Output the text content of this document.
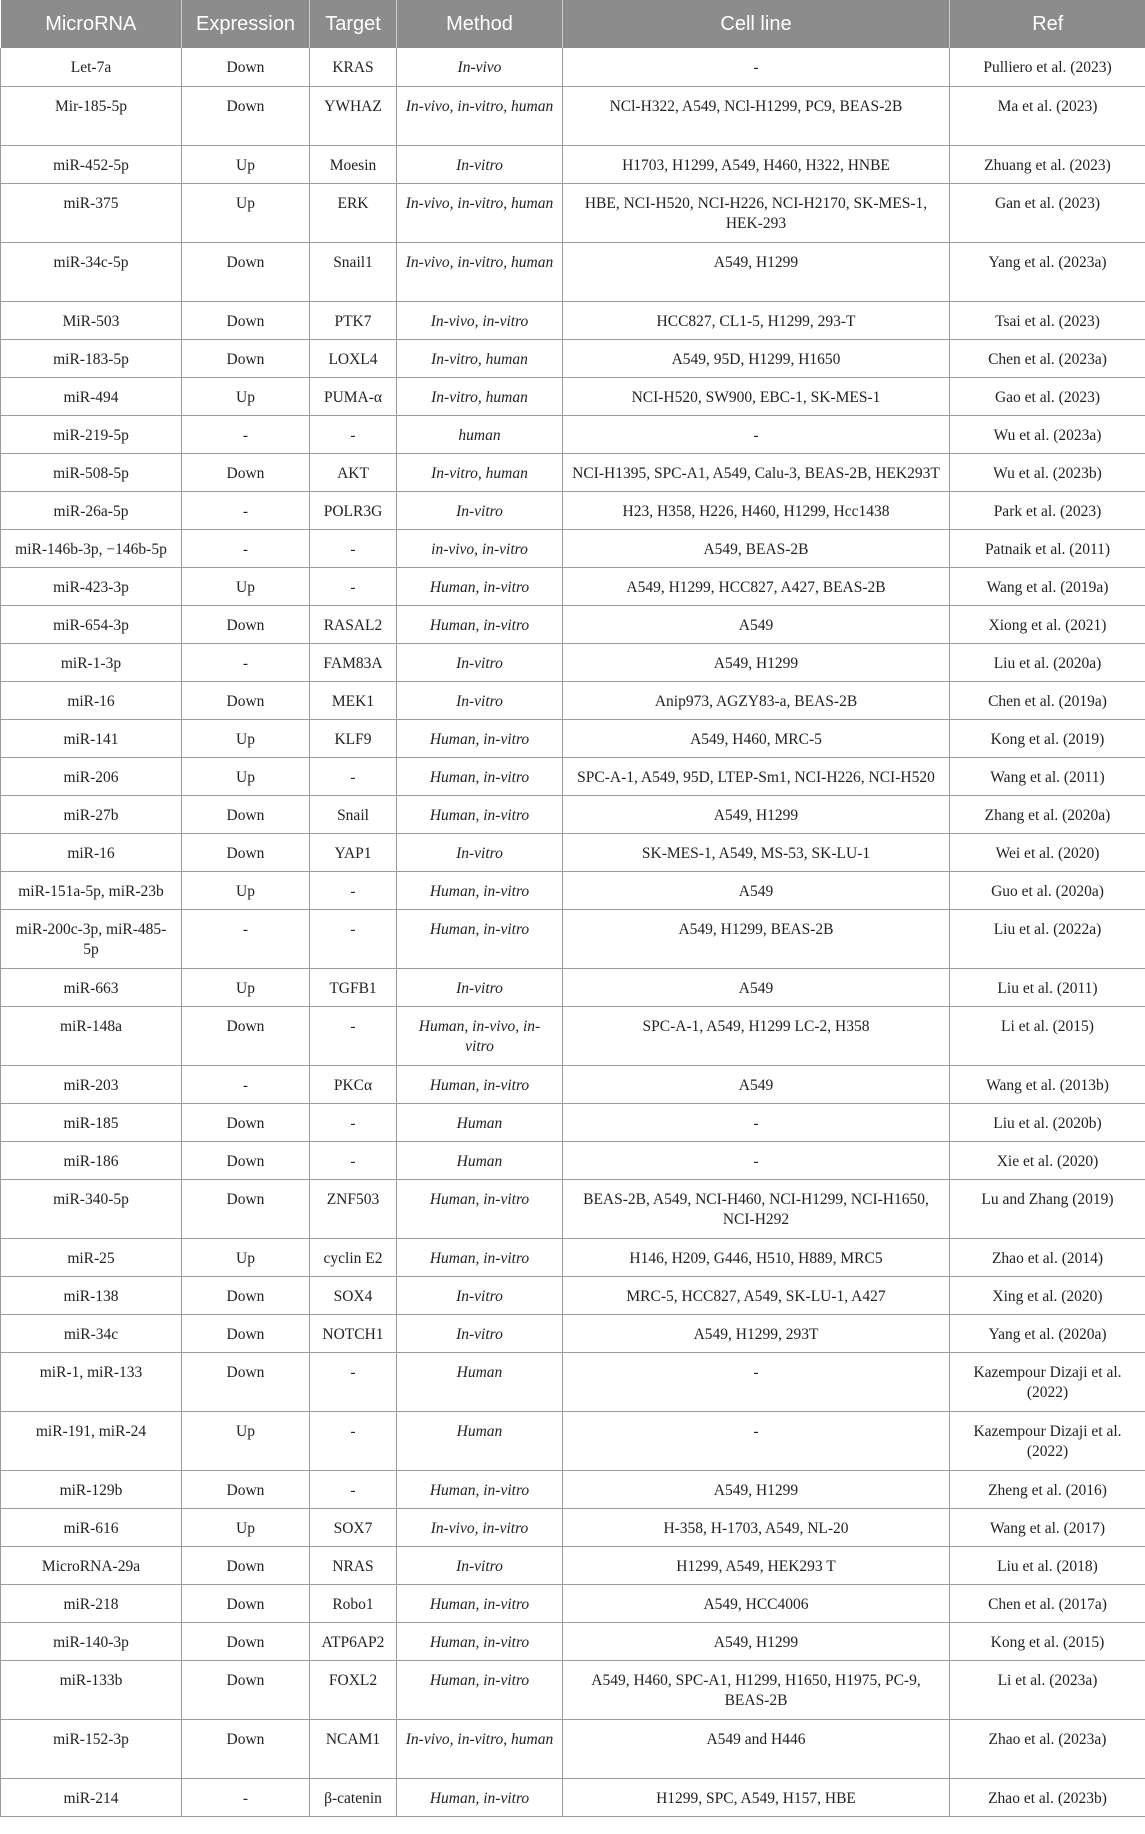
MicroRNA	Expression	Target	Method	Cell line	Ref
Let-7a	Down	KRAS	In-vivo	-	Pulliero et al. (2023)
Mir-185-5p	Down	YWHAZ	In-vivo, in-vitro, human	NCl-H322, A549, NCl-H1299, PC9, BEAS-2B	Ma et al. (2023)
miR-452-5p	Up	Moesin	In-vitro	H1703, H1299, A549, H460, H322, HNBE	Zhuang et al. (2023)
miR-375	Up	ERK	In-vivo, in-vitro, human	HBE, NCI-H520, NCI-H226, NCI-H2170, SK-MES-1, HEK-293	Gan et al. (2023)
miR-34c-5p	Down	Snail1	In-vivo, in-vitro, human	A549, H1299	Yang et al. (2023a)
MiR-503	Down	PTK7	In-vivo, in-vitro	HCC827, CL1-5, H1299, 293-T	Tsai et al. (2023)
miR-183-5p	Down	LOXL4	In-vitro, human	A549, 95D, H1299, H1650	Chen et al. (2023a)
miR-494	Up	PUMA-α	In-vitro, human	NCI-H520, SW900, EBC-1, SK-MES-1	Gao et al. (2023)
miR-219-5p	-	-	human	-	Wu et al. (2023a)
miR-508-5p	Down	AKT	In-vitro, human	NCI-H1395, SPC-A1, A549, Calu-3, BEAS-2B, HEK293T	Wu et al. (2023b)
miR-26a-5p	-	POLR3G	In-vitro	H23, H358, H226, H460, H1299, Hcc1438	Park et al. (2023)
miR-146b-3p, −146b-5p	-	-	in-vivo, in-vitro	A549, BEAS-2B	Patnaik et al. (2011)
miR-423-3p	Up	-	Human, in-vitro	A549, H1299, HCC827, A427, BEAS-2B	Wang et al. (2019a)
miR-654-3p	Down	RASAL2	Human, in-vitro	A549	Xiong et al. (2021)
miR-1-3p	-	FAM83A	In-vitro	A549, H1299	Liu et al. (2020a)
miR-16	Down	MEK1	In-vitro	Anip973, AGZY83-a, BEAS-2B	Chen et al. (2019a)
miR-141	Up	KLF9	Human, in-vitro	A549, H460, MRC-5	Kong et al. (2019)
miR-206	Up	-	Human, in-vitro	SPC-A-1, A549, 95D, LTEP-Sm1, NCI-H226, NCI-H520	Wang et al. (2011)
miR-27b	Down	Snail	Human, in-vitro	A549, H1299	Zhang et al. (2020a)
miR-16	Down	YAP1	In-vitro	SK-MES-1, A549, MS-53, SK-LU-1	Wei et al. (2020)
miR-151a-5p, miR-23b	Up	-	Human, in-vitro	A549	Guo et al. (2020a)
miR-200c-3p, miR-485-5p	-	-	Human, in-vitro	A549, H1299, BEAS-2B	Liu et al. (2022a)
miR-663	Up	TGFB1	In-vitro	A549	Liu et al. (2011)
miR-148a	Down	-	Human, in-vivo, in-vitro	SPC-A-1, A549, H1299 LC-2, H358	Li et al. (2015)
miR-203	-	PKCα	Human, in-vitro	A549	Wang et al. (2013b)
miR-185	Down	-	Human	-	Liu et al. (2020b)
miR-186	Down	-	Human	-	Xie et al. (2020)
miR-340-5p	Down	ZNF503	Human, in-vitro	BEAS-2B, A549, NCI-H460, NCI-H1299, NCI-H1650, NCI-H292	Lu and Zhang (2019)
miR-25	Up	cyclin E2	Human, in-vitro	H146, H209, G446, H510, H889, MRC5	Zhao et al. (2014)
miR-138	Down	SOX4	In-vitro	MRC-5, HCC827, A549, SK-LU-1, A427	Xing et al. (2020)
miR-34c	Down	NOTCH1	In-vitro	A549, H1299, 293T	Yang et al. (2020a)
miR-1, miR-133	Down	-	Human	-	Kazempour Dizaji et al. (2022)
miR-191, miR-24	Up	-	Human	-	Kazempour Dizaji et al. (2022)
miR-129b	Down	-	Human, in-vitro	A549, H1299	Zheng et al. (2016)
miR-616	Up	SOX7	In-vivo, in-vitro	H-358, H-1703, A549, NL-20	Wang et al. (2017)
MicroRNA-29a	Down	NRAS	In-vitro	H1299, A549, HEK293 T	Liu et al. (2018)
miR-218	Down	Robo1	Human, in-vitro	A549, HCC4006	Chen et al. (2017a)
miR-140-3p	Down	ATP6AP2	Human, in-vitro	A549, H1299	Kong et al. (2015)
miR-133b	Down	FOXL2	Human, in-vitro	A549, H460, SPC-A1, H1299, H1650, H1975, PC-9, BEAS-2B	Li et al. (2023a)
miR-152-3p	Down	NCAM1	In-vivo, in-vitro, human	A549 and H446	Zhao et al. (2023a)
miR-214	-	β-catenin	Human, in-vitro	H1299, SPC, A549, H157, HBE	Zhao et al. (2023b)
